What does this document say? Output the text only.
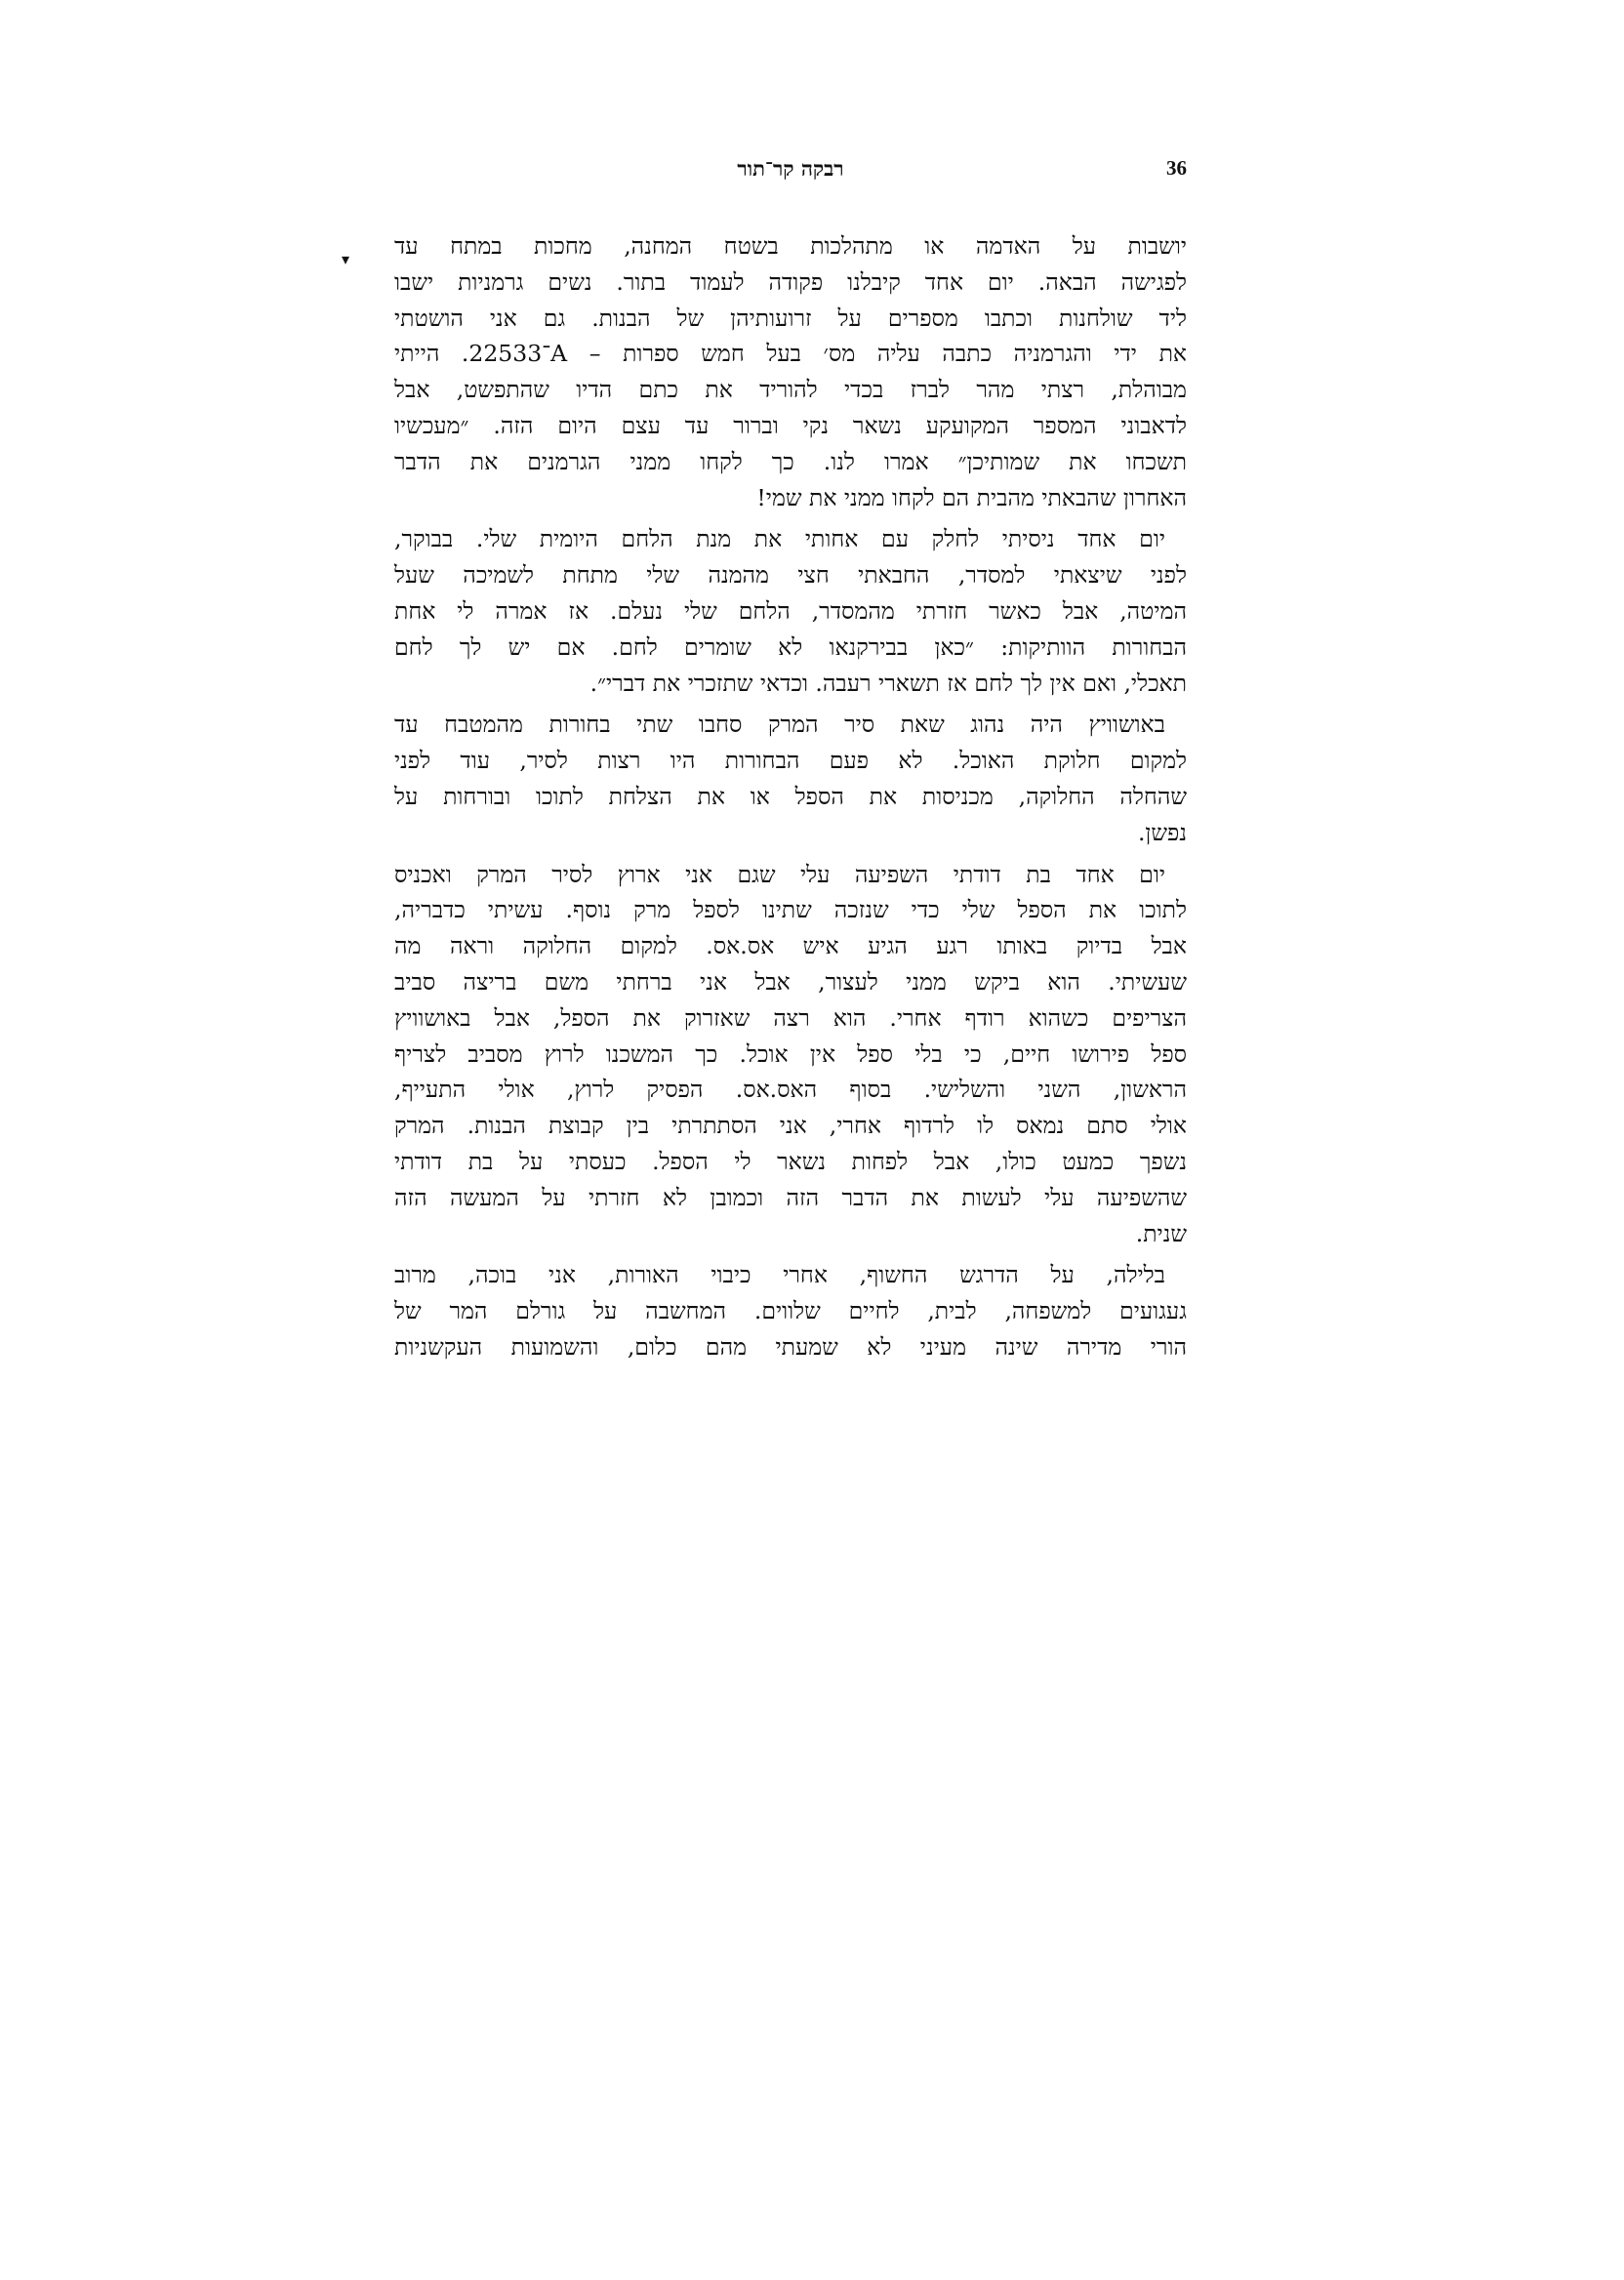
רבקה קר־תור	36
▾ יושבות על האדמה או מתהלכות בשטח המחנה, מחכות במתח עד
לפגישה הבאה. יום אחד קיבלנו פקודה לעמוד בתור. נשים גרמניות ישבו
ליד שולחנות וכתבו מספרים על זרועותיהן של הבנות. גם אני הושטתי
את ידי והגרמניה כתבה עליה מס׳ בעל חמש ספרות – A־22533. הייתי
מבוהלת, רצתי מהר לברז בכדי להוריד את כתם הדיו שהתפשט, אבל
לדאבוני המספר המקועקע נשאר נקי וברור עד עצם היום הזה. ״מעכשיו
תשכחו את שמותיכן״ אמרו לנו. כך לקחו ממני הגרמנים את הדבר
האחרון שהבאתי מהבית הם לקחו ממני את שמי!

יום אחד ניסיתי לחלק עם אחותי את מנת הלחם היומית שלי. בבוקר,
לפני שיצאתי למסדר, החבאתי חצי מהמנה שלי מתחת לשמיכה שעל
המיטה, אבל כאשר חזרתי מהמסדר, הלחם שלי נעלם. אז אמרה לי אחת
הבחורות הוותיקות: ״כאן בבירקנאו לא שומרים לחם. אם יש לך לחם
תאכלי, ואם אין לך לחם אז תשארי רעבה. וכדאי שתזכרי את דברי״.

באושוויץ היה נהוג שאת סיר המרק סחבו שתי בחורות מהמטבח עד
למקום חלוקת האוכל. לא פעם הבחורות היו רצות לסיר, עוד לפני
שהחלה החלוקה, מכניסות את הספל או את הצלחת לתוכו ובורחות על
נפשן.

יום אחד בת דודתי השפיעה עלי שגם אני ארוץ לסיר המרק ואכניס
לתוכו את הספל שלי כדי שנזכה שתינו לספל מרק נוסף. עשיתי כדבריה,
אבל בדיוק באותו רגע הגיע איש אס.אס. למקום החלוקה וראה מה
שעשיתי. הוא ביקש ממני לעצור, אבל אני ברחתי משם בריצה סביב
הצריפים כשהוא רודף אחרי. הוא רצה שאזרוק את הספל, אבל באושוויץ
ספל פירושו חיים, כי בלי ספל אין אוכל. כך המשכנו לרוץ מסביב לצריף
הראשון, השני והשלישי. בסוף האס.אס. הפסיק לרוץ, אולי התעייף,
אולי סתם נמאס לו לרדוף אחרי, אני הסתתרתי בין קבוצת הבנות. המרק
נשפך כמעט כולו, אבל לפחות נשאר לי הספל. כעסתי על בת דודתי
שהשפיעה עלי לעשות את הדבר הזה וכמובן לא חזרתי על המעשה הזה
שנית.

בלילה, על הדרגש החשוף, אחרי כיבוי האורות, אני בוכה, מרוב
געגועים למשפחה, לבית, לחיים שלווים. המחשבה על גורלם המר של
הורי מדירה שינה מעיני לא שמעתי מהם כלום, והשמועות העקשניות
